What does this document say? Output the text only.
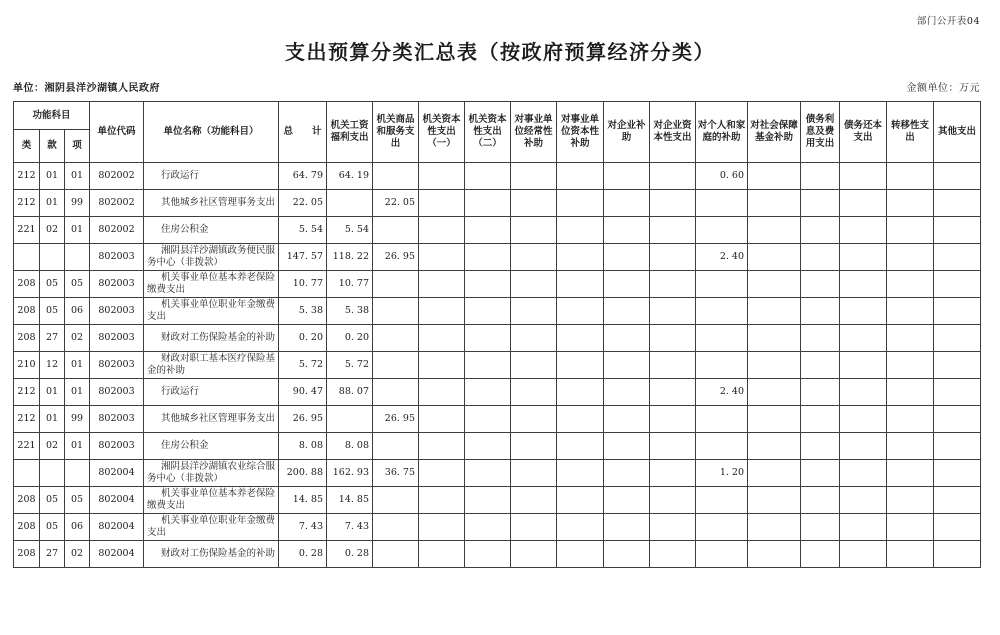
部门公开表04
支出预算分类汇总表（按政府预算经济分类）
单位：湘阴县洋沙湖镇人民政府	金额单位：万元
功能科目			单位代码	单位名称（功能科目）	总　　计	机关工资福利支出	机关商品和服务支出	机关资本性支出（一）	机关资本性支出（二）	对事业单位经常性补助	对事业单位资本性补助	对企业补助	对企业资本性支出	对个人和家庭的补助	对社会保障基金补助	债务利息及费用支出	债务还本支出	转移性支出	其他支出
类	款	项																	
212	01	01	802002	行政运行	64. 79	64. 19								0. 60					
212	01	99	802002	其他城乡社区管理事务支出	22. 05		22. 05												
221	02	01	802002	住房公积金	5. 54	5. 54													
			802003	湘阴县洋沙湖镇政务便民服务中心（非拨款）	147. 57	118. 22	26. 95							2. 40					
208	05	05	802003	机关事业单位基本养老保险缴费支出	10. 77	10. 77													
208	05	06	802003	机关事业单位职业年金缴费支出	5. 38	5. 38													
208	27	02	802003	财政对工伤保险基金的补助	0. 20	0. 20													
210	12	01	802003	财政对职工基本医疗保险基金的补助	5. 72	5. 72													
212	01	01	802003	行政运行	90. 47	88. 07								2. 40					
212	01	99	802003	其他城乡社区管理事务支出	26. 95		26. 95												
221	02	01	802003	住房公积金	8. 08	8. 08													
			802004	湘阴县洋沙湖镇农业综合服务中心（非拨款）	200. 88	162. 93	36. 75							1. 20					
208	05	05	802004	机关事业单位基本养老保险缴费支出	14. 85	14. 85													
208	05	06	802004	机关事业单位职业年金缴费支出	7. 43	7. 43													
208	27	02	802004	财政对工伤保险基金的补助	0. 28	0. 28													
